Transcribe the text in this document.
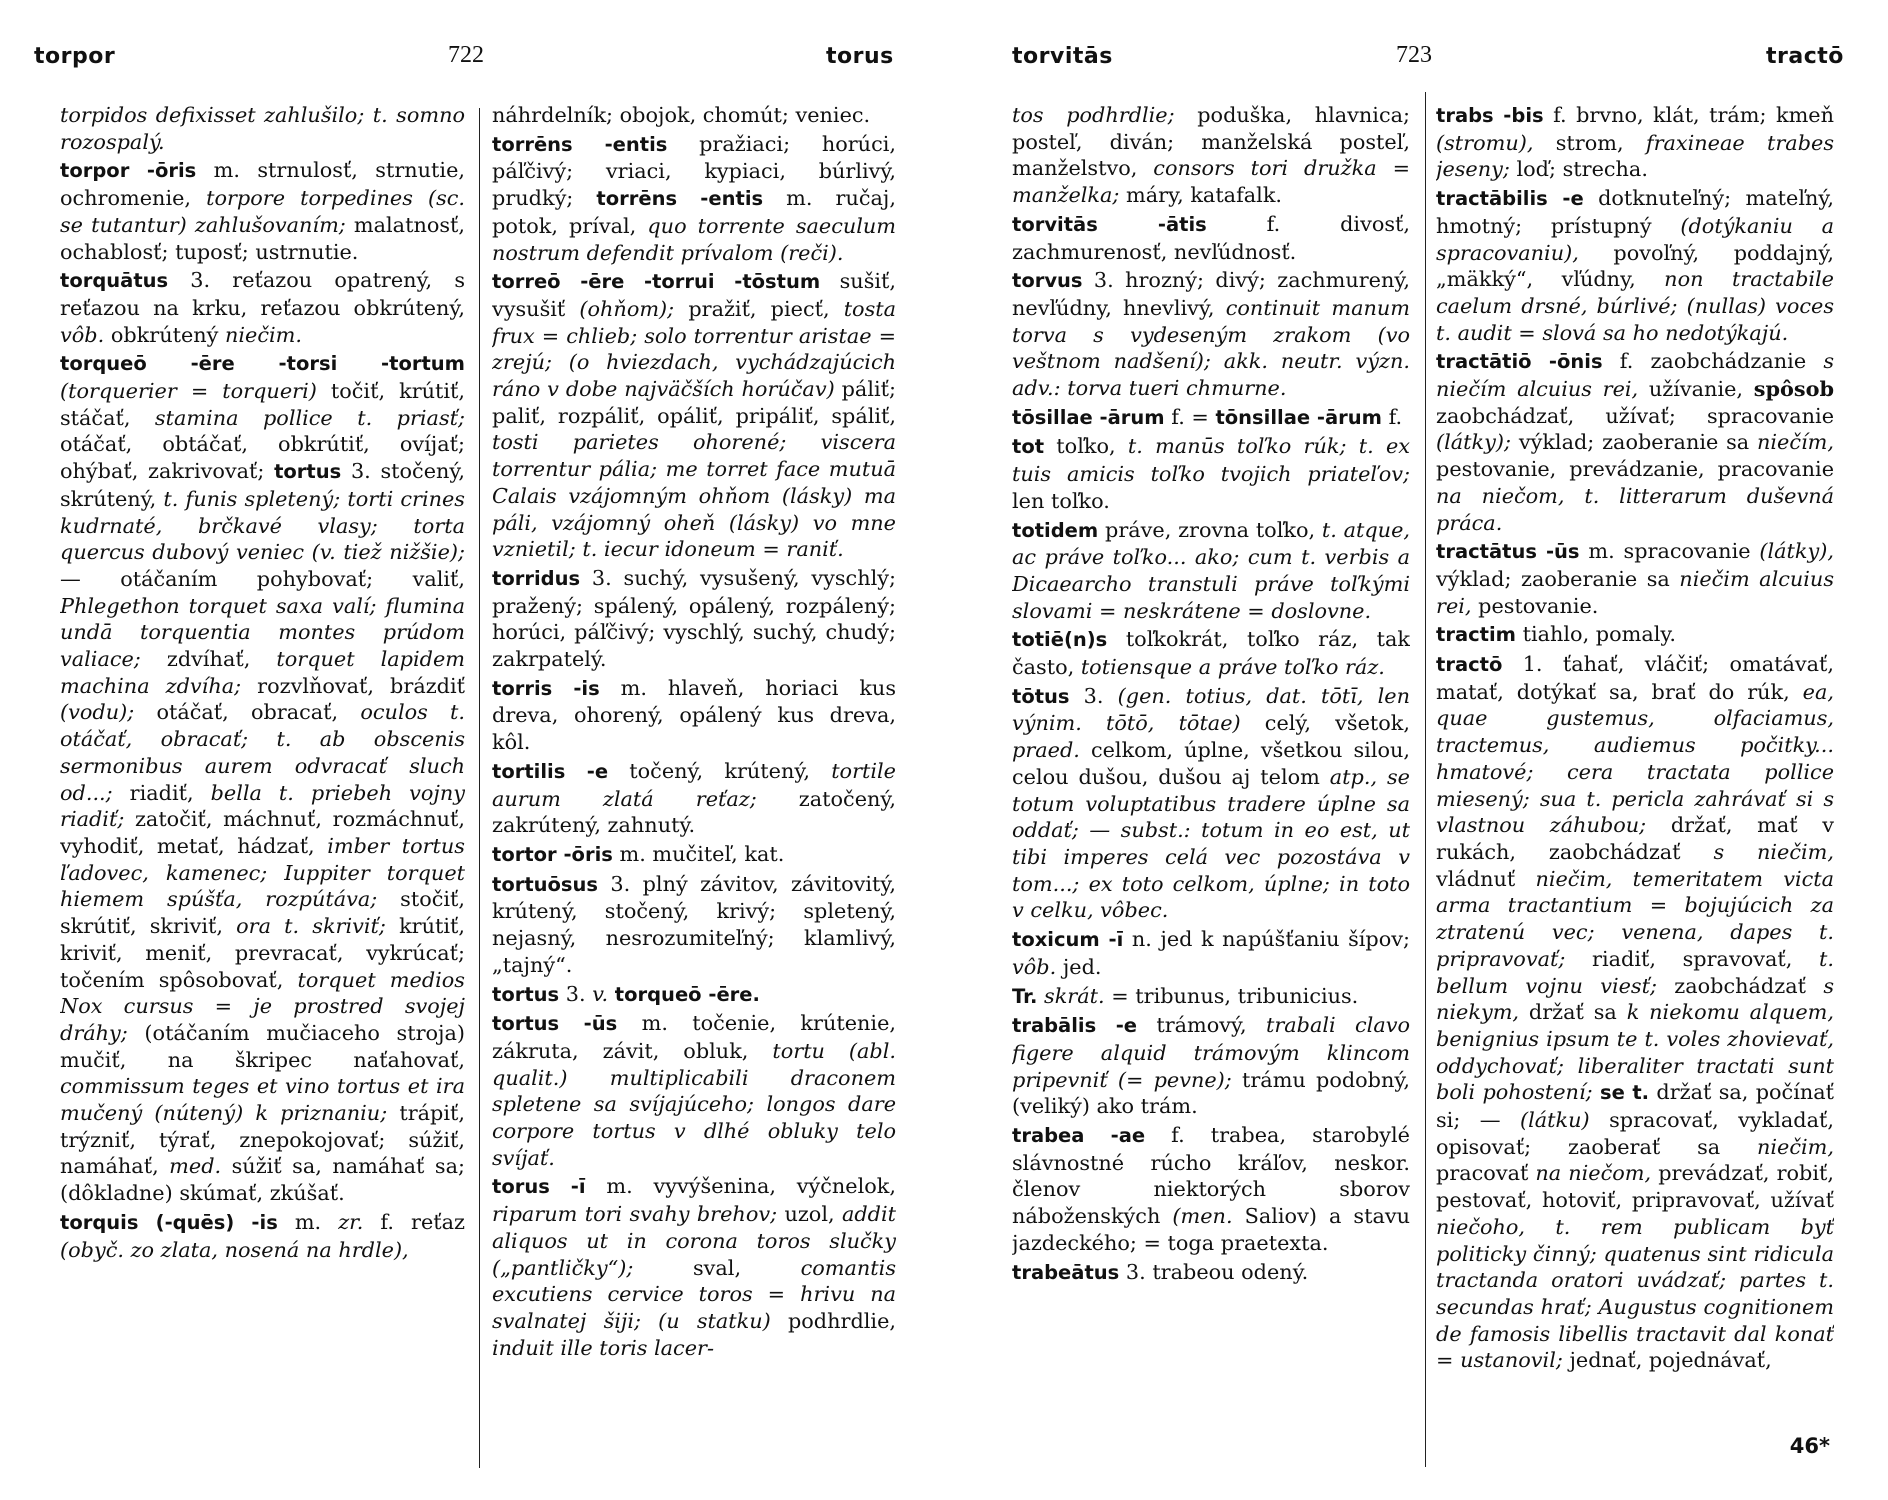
torpor	722	torus

torpidos defixisset zahlušilo; t. somno rozospalý.

torpor -ōris m. strnulosť, strnutie, ochromenie, torpore torpedines (sc. se tutantur) zahlušovaním; malatnosť, ochablosť; tuposť; ustrnutie.

torquātus 3. reťazou opatrený, s reťazou na krku, reťazou obkrútený, vôb. obkrútený niečim.

torqueō -ēre -torsi -tortum (torquerier = torqueri) točiť, krútiť, stáčať, stamina pollice t. priasť; otáčať, obtáčať, obkrútiť, ovíjať; ohýbať, zakrivovať; tortus 3. stočený, skrútený, t. funis spletený; torti crines kudrnaté, brčkavé vlasy; torta quercus dubový veniec (v. tiež nižšie); — otáčaním pohybovať; valiť, Phlegethon torquet saxa valí; flumina undā torquentia montes prúdom valiace; zdvíhať, torquet lapidem machina zdvíha; rozvlňovať, brázdiť (vodu); otáčať, obracať, oculos t. otáčať, obracať; t. ab obscenis sermonibus aurem odvracať sluch od...; riadiť, bella t. priebeh vojny riadiť; zatočiť, máchnuť, rozmáchnuť, vyhodiť, metať, hádzať, imber tortus ľadovec, kamenec; Iuppiter torquet hiemem spúšťa, rozpútáva; stočiť, skrútiť, skriviť, ora t. skriviť; krútiť, kriviť, meniť, prevracať, vykrúcať; točením spôsobovať, torquet medios Nox cursus = je prostred svojej dráhy; (otáčaním mučiaceho stroja) mučiť, na škripec naťahovať, commissum teges et vino tortus et ira mučený (nútený) k priznaniu; trápiť, trýzniť, týrať, znepokojovať; súžiť, namáhať, med. súžiť sa, namáhať sa; (dôkladne) skúmať, zkúšať.

torquis (-quēs) -is m. zr. f. reťaz (obyč. zo zlata, nosená na hrdle),

náhrdelník; obojok, chomút; veniec.

torrēns -entis pražiaci; horúci, páľčivý; vriaci, kypiaci, búrlivý, prudký; torrēns -entis m. ručaj, potok, príval, quo torrente saeculum nostrum defendit prívalom (reči).

torreō -ēre -torrui -tōstum sušiť, vysušiť (ohňom); pražiť, piecť, tosta frux = chlieb; solo torrentur aristae = zrejú; (o hviezdach, vychádzajúcich ráno v dobe najväčších horúčav) páliť; paliť, rozpáliť, opáliť, pripáliť, spáliť, tosti parietes ohorené; viscera torrentur pália; me torret face mutuā Calais vzájomným ohňom (lásky) ma páli, vzájomný oheň (lásky) vo mne vznietil; t. iecur idoneum = raniť.

torridus 3. suchý, vysušený, vyschlý; pražený; spálený, opálený, rozpálený; horúci, páľčivý; vyschlý, suchý, chudý; zakrpatelý.

torris -is m. hlaveň, horiaci kus dreva, ohorený, opálený kus dreva, kôl.

tortilis -e točený, krútený, tortile aurum zlatá reťaz; zatočený, zakrútený, zahnutý.

tortor -ōris m. mučiteľ, kat.

tortuōsus 3. plný závitov, závitovitý, krútený, stočený, krivý; spletený, nejasný, nesrozumiteľný; klamlivý, „tajný“.

tortus 3. v. torqueō -ēre.

tortus -ūs m. točenie, krútenie, zákruta, závit, obluk, tortu (abl. qualit.) multiplicabili draconem spletene sa svíjajúceho; longos dare corpore tortus v dlhé obluky telo svíjať.

torus -ī m. vyvýšenina, výčnelok, riparum tori svahy brehov; uzol, addit aliquos ut in corona toros slučky („pantličky“); sval, comantis excutiens cervice toros = hrivu na svalnatej šiji; (u statku) podhrdlie, induit ille toris lacer-

torvitās	723	tractō

tos podhrdlie; poduška, hlavnica; posteľ, diván; manželská posteľ, manželstvo, consors tori družka = manželka; máry, katafalk.

torvitās -ātis f. divosť, zachmurenosť, nevľúdnosť.

torvus 3. hrozný; divý; zachmurený, nevľúdny, hnevlivý, continuit manum torva s vydeseným zrakom (vo veštnom nadšení); akk. neutr. význ. adv.: torva tueri chmurne.

tōsillae -ārum f. = tōnsillae -ārum f.

tot toľko, t. manūs toľko rúk; t. ex tuis amicis toľko tvojich priateľov; len toľko.

totidem práve, zrovna toľko, t. atque, ac práve toľko... ako; cum t. verbis a Dicaearcho transtuli práve toľkými slovami = neskrátene = doslovne.

totiē(n)s toľkokrát, toľko ráz, tak často, totiensque a práve toľko ráz.

tōtus 3. (gen. totius, dat. tōtī, len výnim. tōtō, tōtae) celý, všetok, praed. celkom, úplne, všetkou silou, celou dušou, dušou aj telom atp., se totum voluptatibus tradere úplne sa oddať; — subst.: totum in eo est, ut tibi imperes celá vec pozostáva v tom...; ex toto celkom, úplne; in toto v celku, vôbec.

toxicum -ī n. jed k napúšťaniu šípov; vôb. jed.

Tr. skrát. = tribunus, tribunicius.

trabālis -e trámový, trabali clavo figere alquid trámovým klincom pripevniť (= pevne); trámu podobný, (veliký) ako trám.

trabea -ae f. trabea, starobylé slávnostné rúcho kráľov, neskor. členov niektorých sborov náboženských (men. Saliov) a stavu jazdeckého; = toga praetexta.

trabeātus 3. trabeou odený.

trabs -bis f. brvno, klát, trám; kmeň (stromu), strom, fraxineae trabes jeseny; loď; strecha.

tractābilis -e dotknuteľný; mateľný, hmotný; prístupný (dotýkaniu a spracovaniu), povoľný, poddajný, „mäkký“, vľúdny, non tractabile caelum drsné, búrlivé; (nullas) voces t. audit = slová sa ho nedotýkajú.

tractātiō -ōnis f. zaobchádzanie s niečím alcuius rei, užívanie, spôsob zaobchádzať, užívať; spracovanie (látky); výklad; zaoberanie sa niečím, pestovanie, prevádzanie, pracovanie na niečom, t. litterarum duševná práca.

tractātus -ūs m. spracovanie (látky), výklad; zaoberanie sa niečim alcuius rei, pestovanie.

tractim tiahlo, pomaly.

tractō 1. ťahať, vláčiť; omatávať, matať, dotýkať sa, brať do rúk, ea, quae gustemus, olfaciamus, tractemus, audiemus počitky... hmatové; cera tractata pollice miesený; sua t. pericla zahrávať si s vlastnou záhubou; držať, mať v rukách, zaobchádzať s niečim, vládnuť niečim, temeritatem victa arma tractantium = bojujúcich za ztratenú vec; venena, dapes t. pripravovať; riadiť, spravovať, t. bellum vojnu viesť; zaobchádzať s niekym, držať sa k niekomu alquem, benignius ipsum te t. voles zhovievať, oddychovať; liberaliter tractati sunt boli pohostení; se t. držať sa, počínať si; — (látku) spracovať, vykladať, opisovať; zaoberať sa niečim, pracovať na niečom, prevádzať, robiť, pestovať, hotoviť, pripravovať, užívať niečoho, t. rem publicam byť politicky činný; quatenus sint ridicula tractanda oratori uvádzať; partes t. secundas hrať; Augustus cognitionem de famosis libellis tractavit dal konať = ustanovil; jednať, pojednávať,

46*
